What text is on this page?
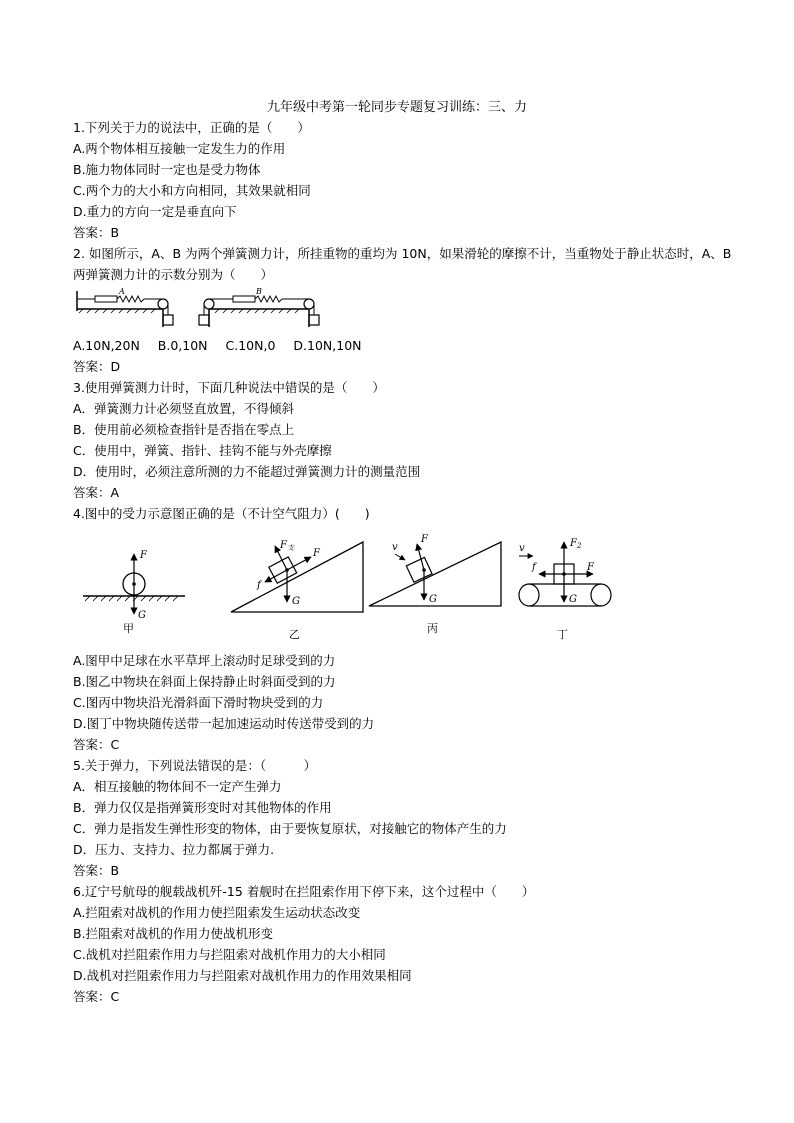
九年级中考第一轮同步专题复习训练：三、力
1.下列关于力的说法中，正确的是（　　）
A.两个物体相互接触一定发生力的作用
B.施力物体同时一定也是受力物体
C.两个力的大小和方向相同，其效果就相同
D.重力的方向一定是垂直向下
答案：B
2. 如图所示，A、B 为两个弹簧测力计，所挂重物的重均为 10N，如果滑轮的摩擦不计，当重物处于静止状态时，A、B 两弹簧测力计的示数分别为（　　）
A	B
A.10N,20N B.0,10N C.10N,0 D.10N,10N
答案：D
3.使用弹簧测力计时，下面几种说法中错误的是（　　）
A．弹簧测力计必须竖直放置，不得倾斜
B．使用前必须检查指针是否指在零点上
C．使用中，弹簧、指针、挂钩不能与外壳摩擦
D．使用时，必须注意所测的力不能超过弹簧测力计的测量范围
答案：A
4.图中的受力示意图正确的是（不计空气阻力）(　　)
F
G
甲
$F_支$ F
f
G
乙
v
F
G
丙
v	$F_2$
f	F
G
丁
A.图甲中足球在水平草坪上滚动时足球受到的力
B.图乙中物块在斜面上保持静止时斜面受到的力
C.图丙中物块沿光滑斜面下滑时物块受到的力
D.图丁中物块随传送带一起加速运动时传送带受到的力
答案：C
5.关于弹力，下列说法错误的是：（　　　）
A．相互接触的物体间不一定产生弹力
B．弹力仅仅是指弹簧形变时对其他物体的作用
C．弹力是指发生弹性形变的物体，由于要恢复原状，对接触它的物体产生的力
D．压力、支持力、拉力都属于弹力.
答案：B
6.辽宁号航母的舰载战机歼-15 着舰时在拦阻索作用下停下来，这个过程中（　　）
A.拦阻索对战机的作用力使拦阻索发生运动状态改变
B.拦阻索对战机的作用力使战机形变
C.战机对拦阻索作用力与拦阻索对战机作用力的大小相同
D.战机对拦阻索作用力与拦阻索对战机作用力的作用效果相同
答案：C
